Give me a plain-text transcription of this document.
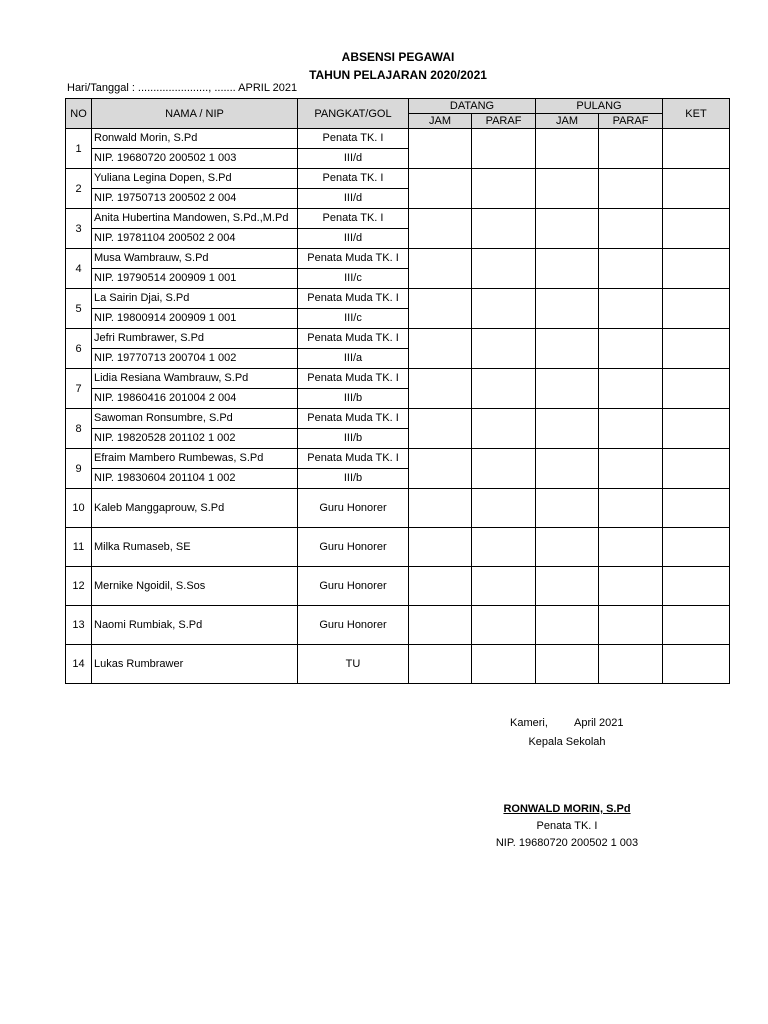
ABSENSI PEGAWAI
TAHUN PELAJARAN 2020/2021
Hari/Tanggal : ......................., ....... APRIL 2021
NO	NAMA / NIP	PANGKAT/GOL	DATANG		PULANG		KET
			JAM	PARAF	JAM	PARAF	
1	Ronwald Morin, S.Pd	Penata TK. I					
	NIP. 19680720 200502 1 003	III/d					
2	Yuliana Legina Dopen, S.Pd	Penata TK. I					
	NIP. 19750713 200502 2 004	III/d					
3	Anita Hubertina Mandowen, S.Pd.,M.Pd	Penata TK. I					
	NIP. 19781104 200502 2 004	III/d					
4	Musa Wambrauw, S.Pd	Penata Muda TK. I					
	NIP. 19790514 200909 1 001	III/c					
5	La Sairin Djai, S.Pd	Penata Muda TK. I					
	NIP. 19800914 200909 1 001	III/c					
6	Jefri Rumbrawer, S.Pd	Penata Muda TK. I					
	NIP. 19770713 200704 1 002	III/a					
7	Lidia Resiana Wambrauw, S.Pd	Penata Muda TK. I					
	NIP. 19860416 201004 2 004	III/b					
8	Sawoman Ronsumbre, S.Pd	Penata Muda TK. I					
	NIP. 19820528 201102 1 002	III/b					
9	Efraim Mambero Rumbewas, S.Pd	Penata Muda TK. I					
	NIP. 19830604 201104 1 002	III/b					
10	Kaleb Manggaprouw, S.Pd	Guru Honorer					
11	Milka Rumaseb, SE	Guru Honorer					
12	Mernike Ngoidil, S.Sos	Guru Honorer					
13	Naomi Rumbiak, S.Pd	Guru Honorer					
14	Lukas Rumbrawer	TU					
Kameri, April 2021
Kepala Sekolah
RONWALD MORIN, S.Pd
Penata TK. I
NIP. 19680720 200502 1 003
